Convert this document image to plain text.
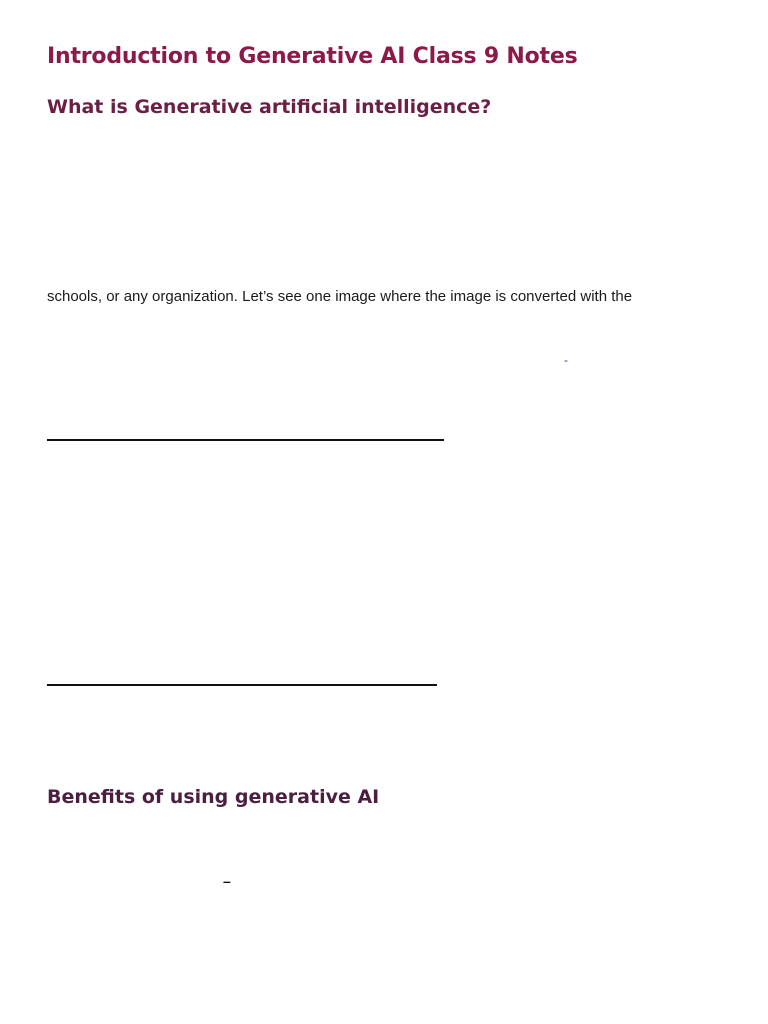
Introduction to Generative AI Class 9 Notes
What is Generative artificial intelligence?

schools, or any organization. Let’s see one image where the image is converted with the

-
Benefits of using generative AI
–
